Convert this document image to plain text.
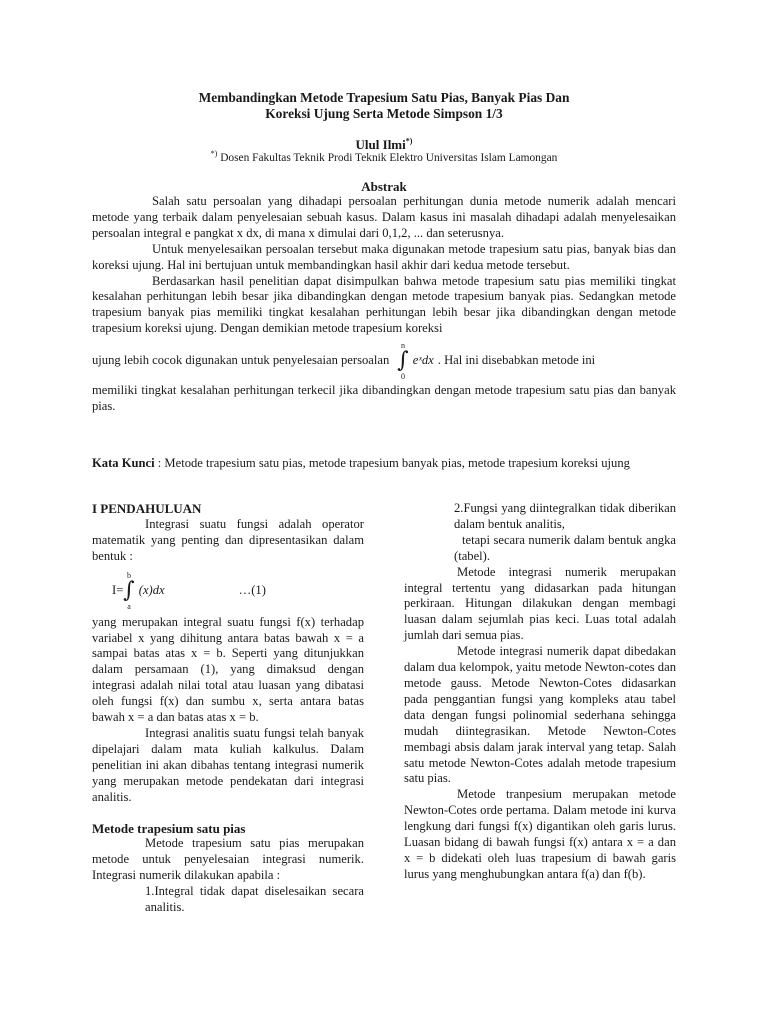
Membandingkan Metode Trapesium Satu Pias, Banyak Pias Dan
Koreksi Ujung Serta Metode Simpson 1/3
Ulul Ilmi*)
*) Dosen Fakultas Teknik Prodi Teknik Elektro Universitas Islam Lamongan
Abstrak

Salah satu persoalan yang dihadapi persoalan perhitungan dunia metode numerik adalah mencari metode yang terbaik dalam penyelesaian sebuah kasus. Dalam kasus ini masalah dihadapi adalah menyelesaikan persoalan integral e pangkat x dx, di mana x dimulai dari 0,1,2, ... dan seterusnya.

Untuk menyelesaikan persoalan tersebut maka digunakan metode trapesium satu pias, banyak bias dan koreksi ujung. Hal ini bertujuan untuk membandingkan hasil akhir dari kedua metode tersebut.

Berdasarkan hasil penelitian dapat disimpulkan bahwa metode trapesium satu pias memiliki tingkat kesalahan perhitungan lebih besar jika dibandingkan dengan metode trapesium banyak pias. Sedangkan metode trapesium banyak pias memiliki tingkat kesalahan perhitungan lebih besar jika dibandingkan dengan metode trapesium koreksi ujung. Dengan demikian metode trapesium koreksi

ujung lebih cocok digunakan untuk penyelesaian persoalan
n
∫
0
eˣdx . Hal ini disebabkan metode ini

memiliki tingkat kesalahan perhitungan terkecil jika dibandingkan dengan metode trapesium satu pias dan banyak pias.

Kata Kunci : Metode trapesium satu pias, metode trapesium banyak pias, metode trapesium koreksi ujung

I PENDAHULUAN

Integrasi suatu fungsi adalah operator matematik yang penting dan dipresentasikan dalam bentuk :

I=
b
∫
a
(x)dx	…(1)

yang merupakan integral suatu fungsi f(x) terhadap variabel x yang dihitung antara batas bawah x = a sampai batas atas x = b. Seperti yang ditunjukkan dalam persamaan (1), yang dimaksud dengan integrasi adalah nilai total atau luasan yang dibatasi oleh fungsi f(x) dan sumbu x, serta antara batas bawah x = a dan batas atas x = b.

Integrasi analitis suatu fungsi telah banyak dipelajari dalam mata kuliah kalkulus. Dalam penelitian ini akan dibahas tentang integrasi numerik yang merupakan metode pendekatan dari integrasi analitis.

Metode trapesium satu pias

Metode trapesium satu pias merupakan metode untuk penyelesaian integrasi numerik. Integrasi numerik dilakukan apabila :

1.Integral tidak dapat diselesaikan secara analitis.

2.Fungsi yang diintegralkan tidak diberikan dalam bentuk analitis,

tetapi secara numerik dalam bentuk angka (tabel).

Metode integrasi numerik merupakan integral tertentu yang didasarkan pada hitungan perkiraan. Hitungan dilakukan dengan membagi luasan dalam sejumlah pias keci. Luas total adalah jumlah dari semua pias.

Metode integrasi numerik dapat dibedakan dalam dua kelompok, yaitu metode Newton-cotes dan metode gauss. Metode Newton-Cotes didasarkan pada penggantian fungsi yang kompleks atau tabel data dengan fungsi polinomial sederhana sehingga mudah diintegrasikan. Metode Newton-Cotes membagi absis dalam jarak interval yang tetap. Salah satu metode Newton-Cotes adalah metode trapesium satu pias.

Metode tranpesium merupakan metode Newton-Cotes orde pertama. Dalam metode ini kurva lengkung dari fungsi f(x) digantikan oleh garis lurus. Luasan bidang di bawah fungsi f(x) antara x = a dan x = b didekati oleh luas trapesium di bawah garis lurus yang menghubungkan antara f(a) dan f(b).
